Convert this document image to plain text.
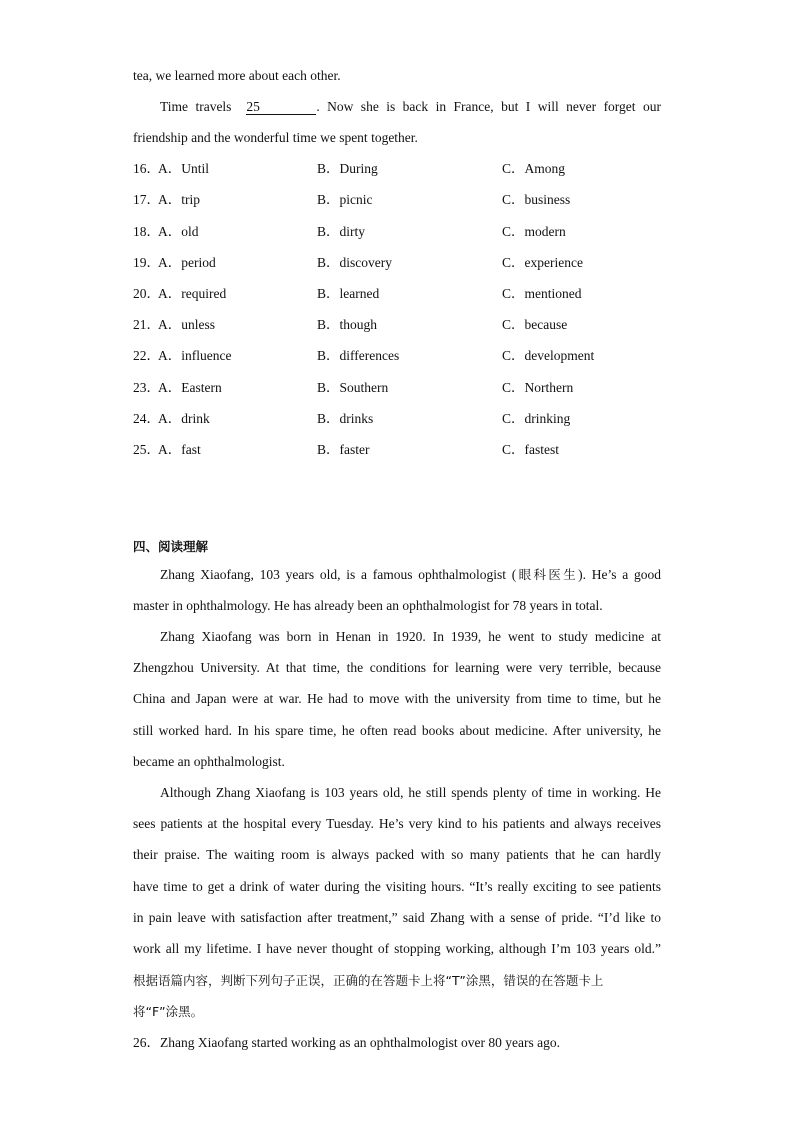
tea, we learned more about each other.
Time travels 25	. Now she is back in France, but I will never forget our
friendship and the wonderful time we spent together.
16．
A．Until	B．During	C．Among
17．
A．trip	B．picnic	C．business
18．
A．old	B．dirty	C．modern
19．
A．period	B．discovery	C．experience
20．
A．required	B．learned	C．mentioned
21．
A．unless	B．though	C．because
22．
A．influence	B．differences	C．development
23．
A．Eastern	B．Southern	C．Northern
24．
A．drink	B．drinks	C．drinking
25．
A．fast	B．faster	C．fastest
四、阅读理解
Zhang Xiaofang, 103 years old, is a famous ophthalmologist (眼科医生). He’s a good
master in ophthalmology. He has already been an ophthalmologist for 78 years in total.
Zhang Xiaofang was born in Henan in 1920. In 1939, he went to study medicine at
Zhengzhou University. At that time, the conditions for learning were very terrible, because
China and Japan were at war. He had to move with the university from time to time, but he
still worked hard. In his spare time, he often read books about medicine. After university, he
became an ophthalmologist.
Although Zhang Xiaofang is 103 years old, he still spends plenty of time in working. He
sees patients at the hospital every Tuesday. He’s very kind to his patients and always receives
their praise. The waiting room is always packed with so many patients that he can hardly
have time to get a drink of water during the visiting hours. “It’s really exciting to see patients
in pain leave with satisfaction after treatment,” said Zhang with a sense of pride. “I’d like to
work all my lifetime. I have never thought of stopping working, although I’m 103 years old.”
根据语篇内容，判断下列句子正误，正确的在答题卡上将“T”涂黑，错误的在答题卡上
将“F”涂黑。
26．Zhang Xiaofang started working as an ophthalmologist over 80 years ago.
